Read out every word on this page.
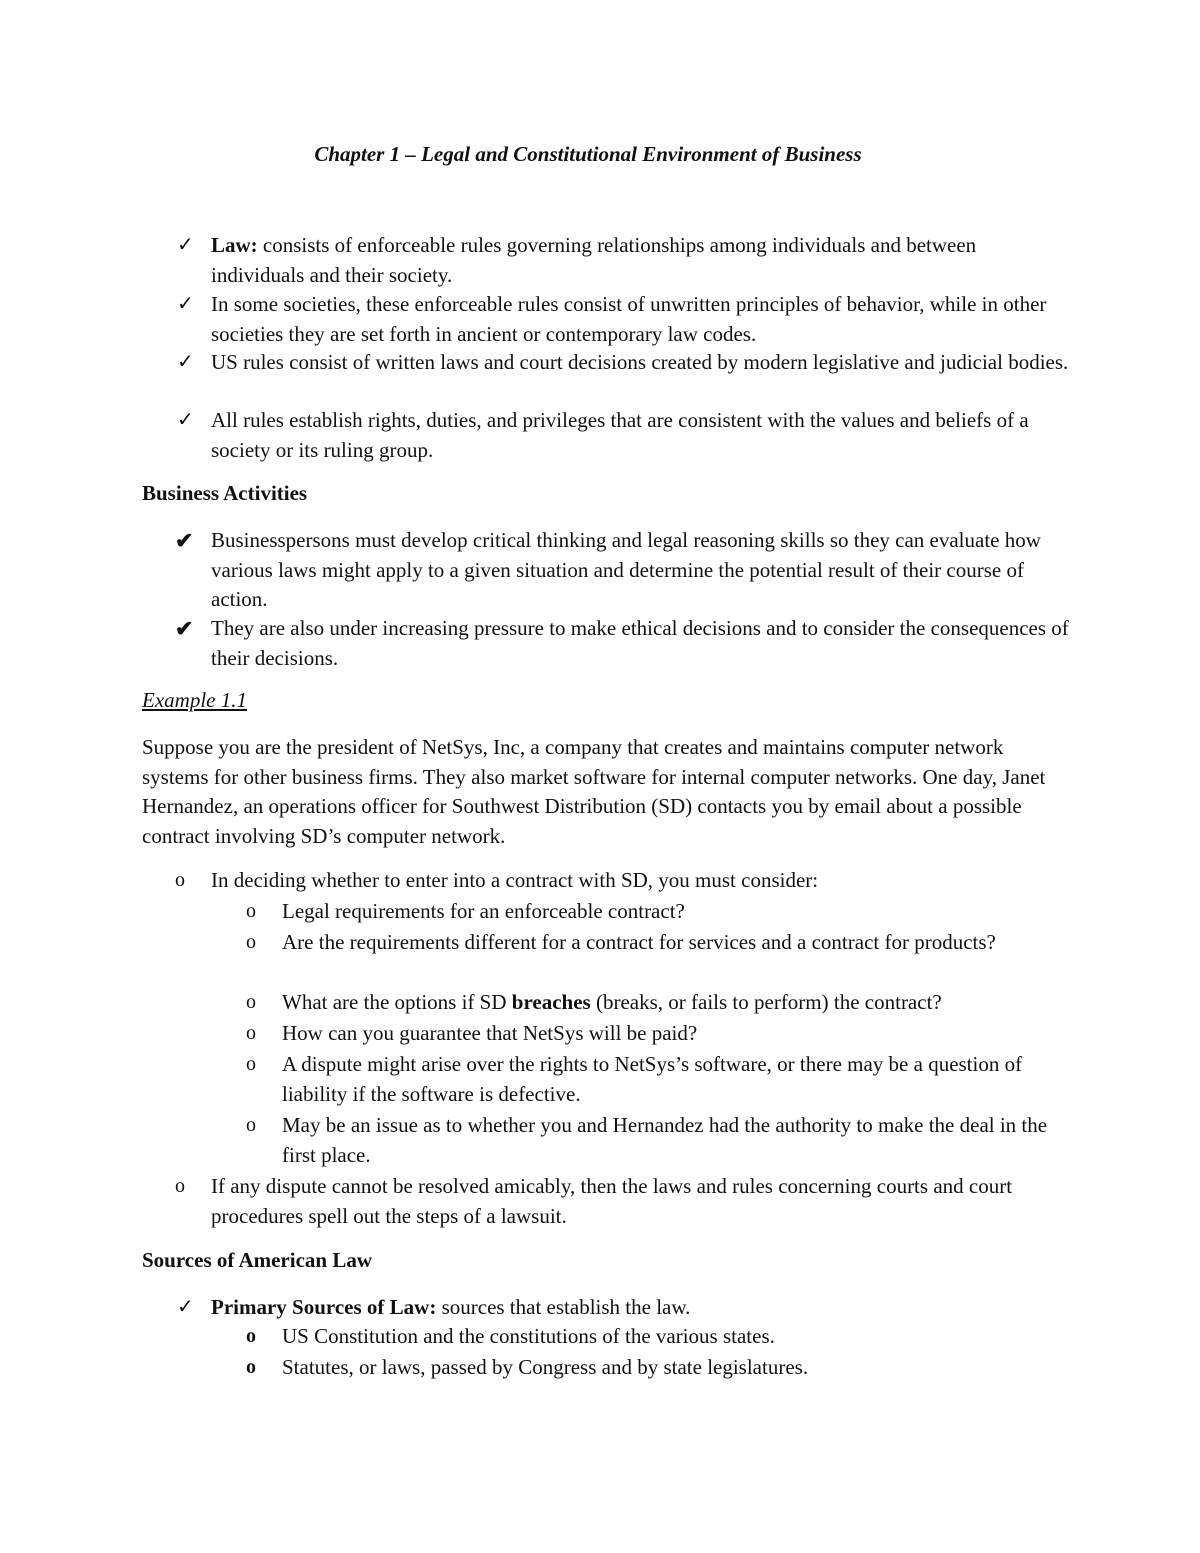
Chapter 1 – Legal and Constitutional Environment of Business
✓ Law: consists of enforceable rules governing relationships among individuals and between individuals and their society.
✓ In some societies, these enforceable rules consist of unwritten principles of behavior, while in other societies they are set forth in ancient or contemporary law codes.
✓ US rules consist of written laws and court decisions created by modern legislative and judicial bodies.
✓ All rules establish rights, duties, and privileges that are consistent with the values and beliefs of a society or its ruling group.
Business Activities
✔ Businesspersons must develop critical thinking and legal reasoning skills so they can evaluate how various laws might apply to a given situation and determine the potential result of their course of action.
✔ They are also under increasing pressure to make ethical decisions and to consider the consequences of their decisions.
Example 1.1
Suppose you are the president of NetSys, Inc, a company that creates and maintains computer network systems for other business firms. They also market software for internal computer networks. One day, Janet Hernandez, an operations officer for Southwest Distribution (SD) contacts you by email about a possible contract involving SD’s computer network.
o In deciding whether to enter into a contract with SD, you must consider:
o Legal requirements for an enforceable contract?
o Are the requirements different for a contract for services and a contract for products?
o What are the options if SD breaches (breaks, or fails to perform) the contract?
o How can you guarantee that NetSys will be paid?
o A dispute might arise over the rights to NetSys’s software, or there may be a question of liability if the software is defective.
o May be an issue as to whether you and Hernandez had the authority to make the deal in the first place.
o If any dispute cannot be resolved amicably, then the laws and rules concerning courts and court procedures spell out the steps of a lawsuit.
Sources of American Law
✓ Primary Sources of Law: sources that establish the law.
o US Constitution and the constitutions of the various states.
o Statutes, or laws, passed by Congress and by state legislatures.
